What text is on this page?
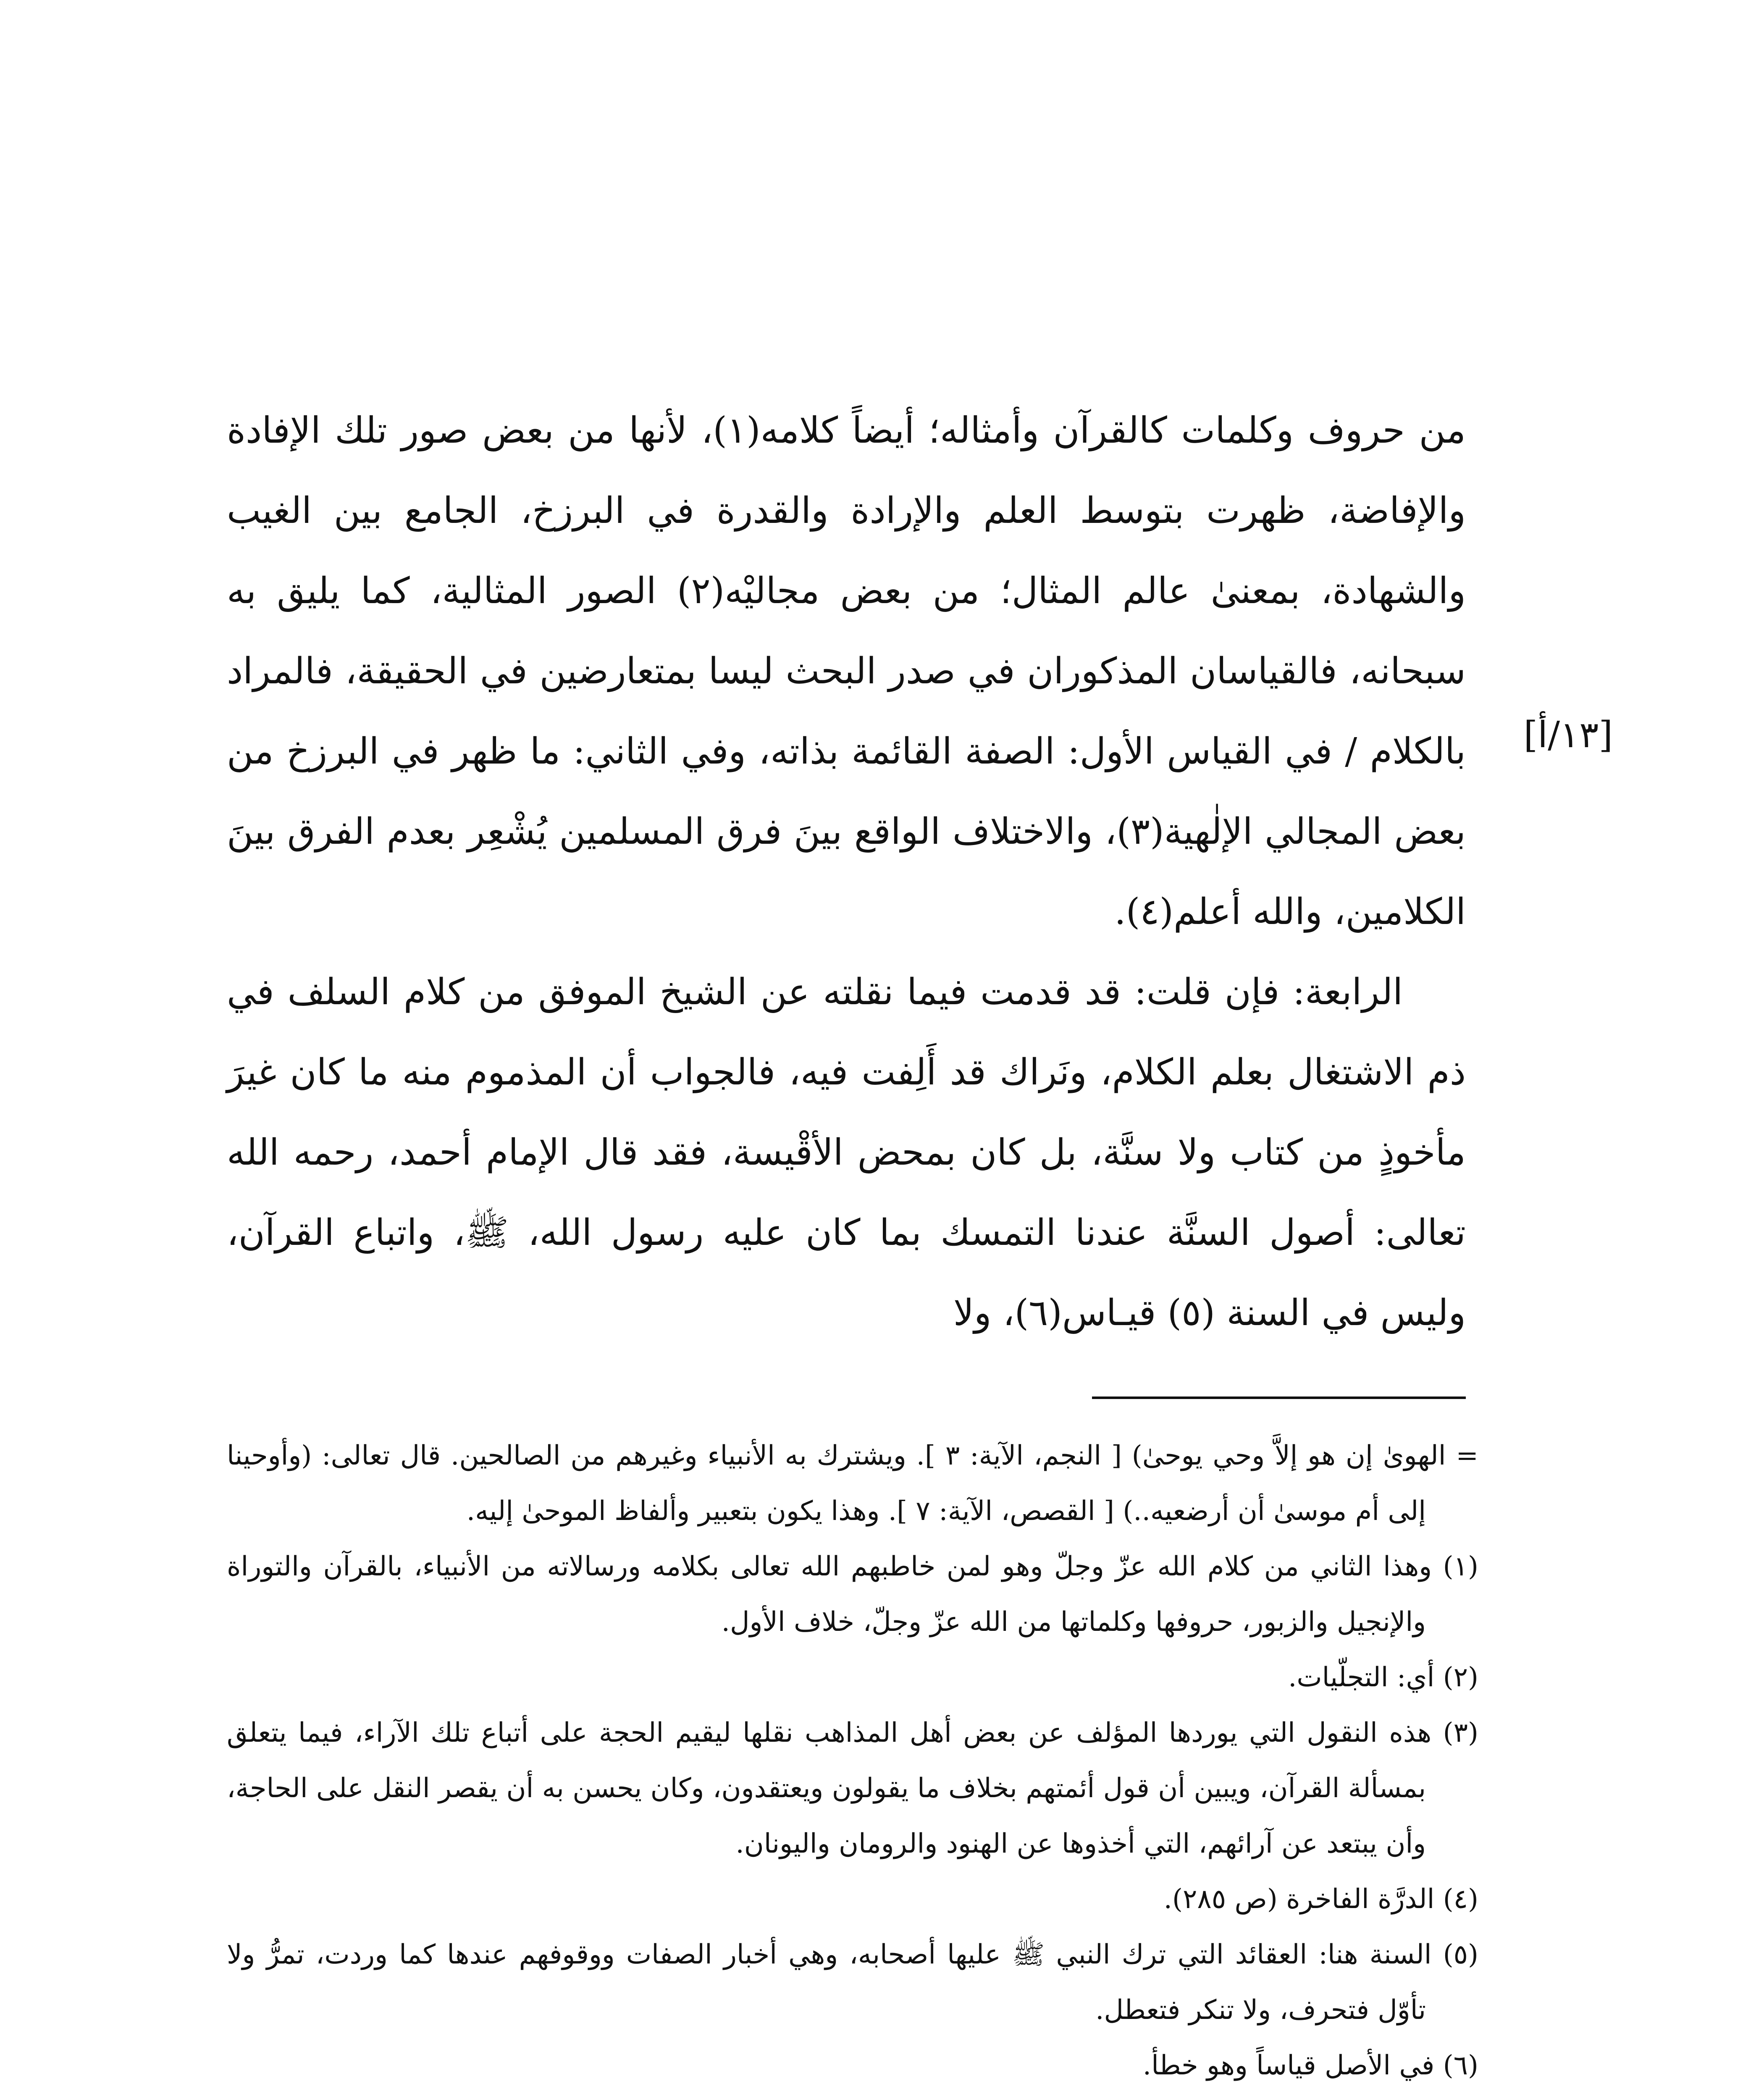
[١٣/أ]

من حروف وكلمات كالقرآن وأمثاله؛ أيضاً كلامه(١)، لأنها من بعض صور تلك الإفادة والإفاضة، ظهرت بتوسط العلم والإرادة والقدرة في البرزخ، الجامع بين الغيب والشهادة، بمعنىٰ عالم المثال؛ من بعض مجاليْه(٢) الصور المثالية، كما يليق به سبحانه، فالقياسان المذكوران في صدر البحث ليسا بمتعارضين في الحقيقة، فالمراد بالكلام / في القياس الأول: الصفة القائمة بذاته، وفي الثاني: ما ظهر في البرزخ من بعض المجالي الإلٰهية(٣)، والاختلاف الواقع بينَ فرق المسلمين يُشْعِر بعدم الفرق بينَ الكلامين، والله أعلم(٤).

الرابعة: فإن قلت: قد قدمت فيما نقلته عن الشيخ الموفق من كلام السلف في ذم الاشتغال بعلم الكلام، ونَراك قد أَلِفت فيه، فالجواب أن المذموم منه ما كان غيرَ مأخوذٍ من كتاب ولا سنَّة، بل كان بمحض الأقْيسة، فقد قال الإمام أحمد، رحمه الله تعالى: أصول السنَّة عندنا التمسك بما كان عليه رسول الله، ﷺ، واتباع القرآن، وليس في السنة (٥) قيـاس(٦)، ولا

= الهوىٰ إن هو إلاَّ وحي يوحىٰ) [ النجم، الآية: ٣ ]. ويشترك به الأنبياء وغيرهم من الصالحين. قال تعالى: (وأوحينا إلى أم موسىٰ أن أرضعيه..) [ القصص، الآية: ٧ ]. وهذا يكون بتعبير وألفاظ الموحىٰ إليه.

(١) وهذا الثاني من كلام الله عزّ وجلّ وهو لمن خاطبهم الله تعالى بكلامه ورسالاته من الأنبياء، بالقرآن والتوراة والإنجيل والزبور، حروفها وكلماتها من الله عزّ وجلّ، خلاف الأول.

(٢) أي: التجلّيات.

(٣) هذه النقول التي يوردها المؤلف عن بعض أهل المذاهب نقلها ليقيم الحجة على أتباع تلك الآراء، فيما يتعلق بمسألة القرآن، ويبين أن قول أئمتهم بخلاف ما يقولون ويعتقدون، وكان يحسن به أن يقصر النقل على الحاجة، وأن يبتعد عن آرائهم، التي أخذوها عن الهنود والرومان واليونان.

(٤) الدرَّة الفاخرة (ص ٢٨٥).

(٥) السنة هنا: العقائد التي ترك النبي ﷺ عليها أصحابه، وهي أخبار الصفات ووقوفهم عندها كما وردت، تمرُّ ولا تأوّل فتحرف، ولا تنكر فتعطل.

(٦) في الأصل قياساً وهو خطأ.
